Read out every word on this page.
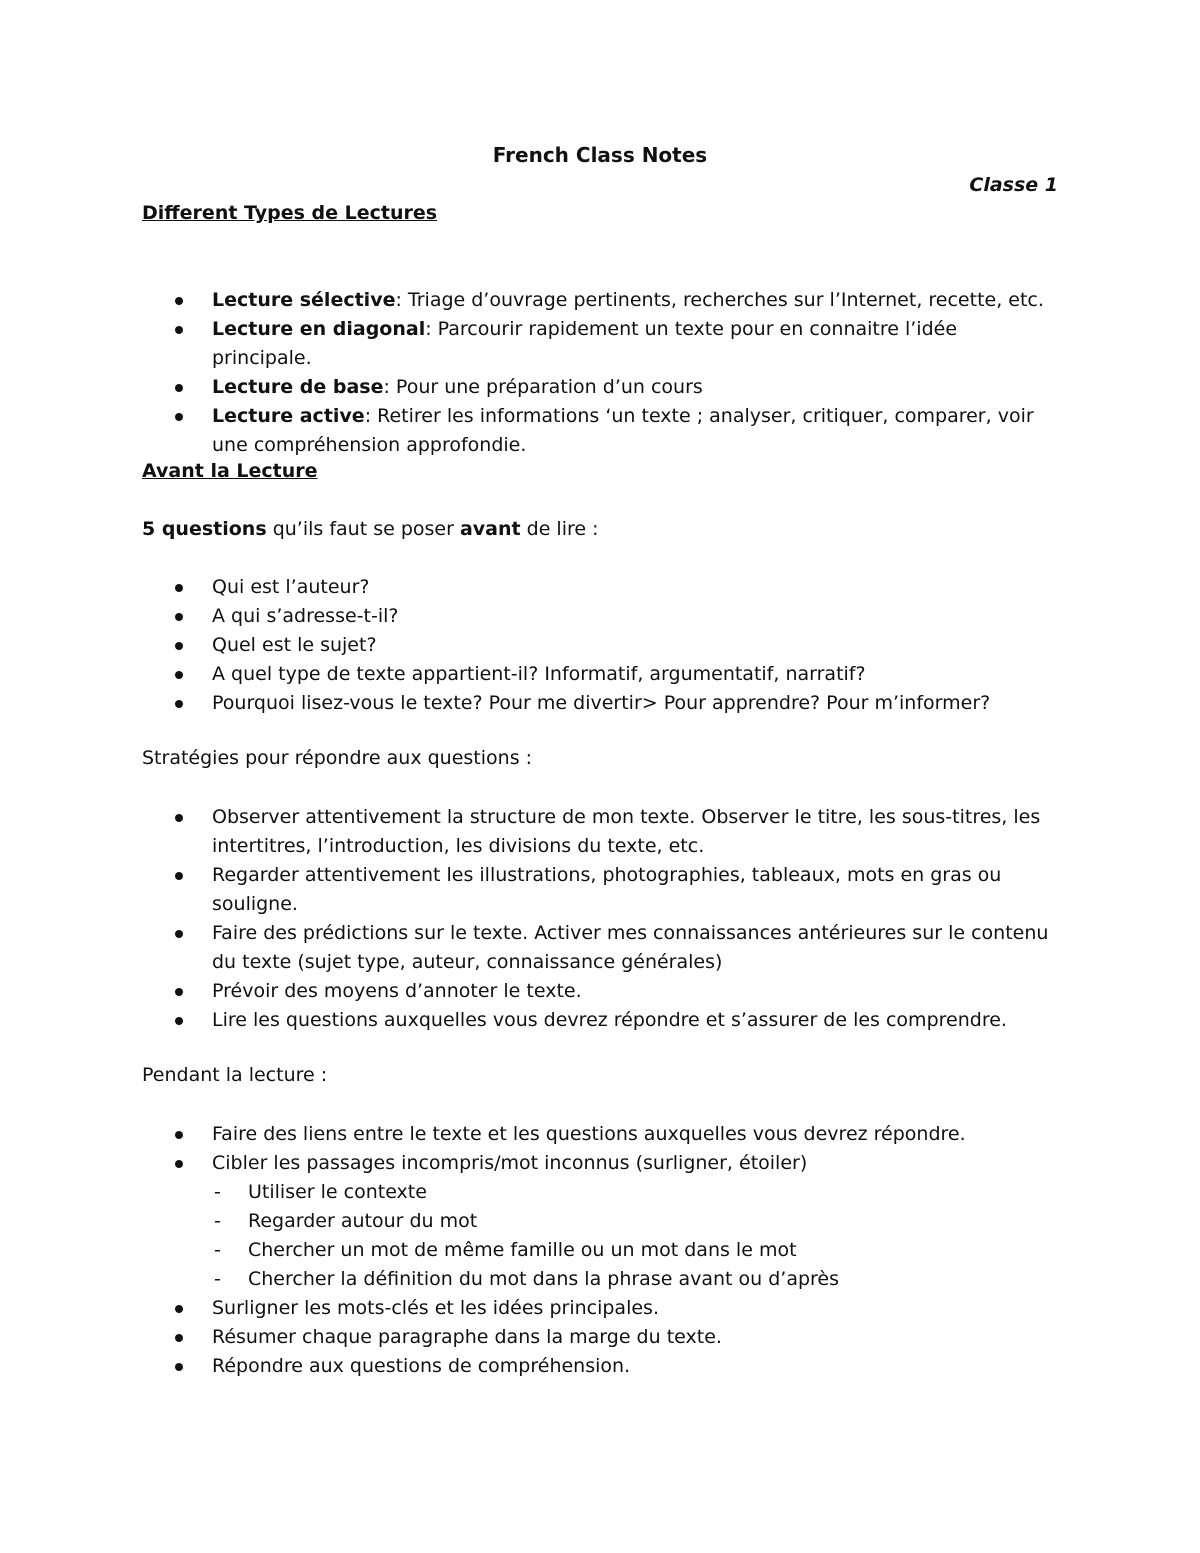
French Class Notes
Classe 1
Different Types de Lectures
Lecture sélective: Triage d’ouvrage pertinents, recherches sur l’Internet, recette, etc.
Lecture en diagonal: Parcourir rapidement un texte pour en connaitre l’idée principale.
Lecture de base: Pour une préparation d’un cours
Lecture active: Retirer les informations ‘un texte ; analyser, critiquer, comparer, voir une compréhension approfondie.
Avant la Lecture
5 questions qu’ils faut se poser avant de lire :
Qui est l’auteur?
A qui s’adresse-t-il?
Quel est le sujet?
A quel type de texte appartient-il? Informatif, argumentatif, narratif?
Pourquoi lisez-vous le texte? Pour me divertir> Pour apprendre? Pour m’informer?
Stratégies pour répondre aux questions :
Observer attentivement la structure de mon texte. Observer le titre, les sous-titres, les intertitres, l’introduction, les divisions du texte, etc.
Regarder attentivement les illustrations, photographies, tableaux, mots en gras ou souligne.
Faire des prédictions sur le texte. Activer mes connaissances antérieures sur le contenu du texte (sujet type, auteur, connaissance générales)
Prévoir des moyens d’annoter le texte.
Lire les questions auxquelles vous devrez répondre et s’assurer de les comprendre.
Pendant la lecture :
Faire des liens entre le texte et les questions auxquelles vous devrez répondre.
Cibler les passages incompris/mot inconnus (surligner, étoiler)
- Utiliser le contexte
- Regarder autour du mot
- Chercher un mot de même famille ou un mot dans le mot
- Chercher la définition du mot dans la phrase avant ou d’après
Surligner les mots-clés et les idées principales.
Résumer chaque paragraphe dans la marge du texte.
Répondre aux questions de compréhension.
